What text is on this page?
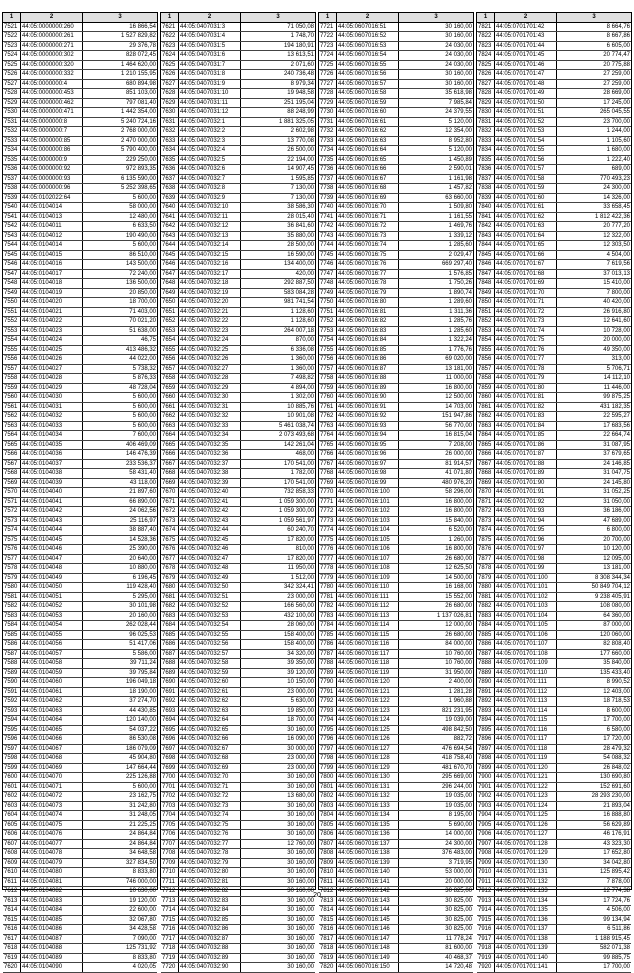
1	2	3
7521 44:05:0000000:260	16 866,54
7522 44:05:0000000:261	1 527 829,82
7523 44:05:0000000:271	29 376,78
7524 44:05:0000000:302	828 072,45
7525 44:05:0000000:320	1 464 620,00
7526 44:05:0000000:332	1 210 155,95
7527 44:05:0000000:4	680 894,98
7528 44:05:0000000:453	851 103,00
7529 44:05:0000000:462	797 081,40
7530 44:05:0000000:471	1 442 354,00
7531 44:05:0000000:8	5 240 724,16
7532 44:05:0000000:7	2 768 000,00
7533 44:05:0000000:85	2 470 000,00
7534 44:05:0000000:86	5 790 400,00
7535 44:05:0000000:9	229 250,00
7536 44:05:0000000:92	972 893,35
7537 44:05:0000000:93	6 135 590,00
7538 44:05:0000000:96	5 252 398,65
7539 44:05:0102022:64	5 600,00
7540 44:05:0104014	58 000,00
7541 44:05:0104013	12 480,00
7542 44:05:0104011	6 633,50
7543 44:05:0104012	190 490,00
7544 44:05:0104014	5 600,00
7545 44:05:0104015	86 510,00
7546 44:05:0104016	143 500,00
7547 44:05:0104017	72 240,00
7548 44:05:0104018	136 500,00
7549 44:05:0104019	20 850,00
7550 44:05:0104020	18 700,00
7551 44:05:0104021	71 403,00
7552 44:05:0104022	70 021,20
7553 44:05:0104023	51 638,00
7554 44:05:0104024	46,75
7555 44:05:0104025	413 486,32
7556 44:05:0104026	44 022,00
7557 44:05:0104027	5 738,32
7558 44:05:0104028	5 876,33
7559 44:05:0104029	48 728,04
7560 44:05:0104030	5 600,00
7561 44:05:0104031	5 600,00
7562 44:05:0104032	5 600,00
7563 44:05:0104033	5 600,00
7564 44:05:0104034	7 600,00
7565 44:05:0104035	406 469,09
7566 44:05:0104036	146 476,39
7567 44:05:0104037	233 536,37
7568 44:05:0104038	58 431,40
7569 44:05:0104039	43 118,00
7570 44:05:0104040	21 897,60
7571 44:05:0104041	66 890,00
7572 44:05:0104042	24 062,56
7573 44:05:0104043	25 116,97
7574 44:05:0104044	38 887,40
7575 44:05:0104045	14 528,36
7576 44:05:0104046	25 390,00
7577 44:05:0104047	20 640,00
7578 44:05:0104048	10 880,00
7579 44:05:0104049	6 196,45
7580 44:05:0104050	119 428,40
7581 44:05:0104051	5 295,00
7582 44:05:0104052	30 101,98
7583 44:05:0104053	20 160,00
7584 44:05:0104054	262 028,44
7585 44:05:0104055	96 025,53
7586 44:05:0104056	51 417,06
7587 44:05:0104057	5 586,00
7588 44:05:0104058	39 711,24
7589 44:05:0104059	39 795,84
7590 44:05:0104060	196 049,18
7591 44:05:0104061	18 190,00
7592 44:05:0104062	37 274,70
7593 44:05:0104063	44 430,85
7594 44:05:0104064	120 140,00
7595 44:05:0104065	54 037,22
7596 44:05:0104066	86 530,08
7597 44:05:0104067	186 079,09
7598 44:05:0104068	45 904,80
7599 44:05:0104069	147 664,44
7600 44:05:0104070	225 126,88
7601 44:05:0104071	5 600,00
7602 44:05:0104072	23 162,75
7603 44:05:0104073	31 242,80
7604 44:05:0104074	31 248,05
7605 44:05:0104075	21 225,25
7606 44:05:0104076	24 864,84
7607 44:05:0104077	24 864,84
7608 44:05:0104078	34 648,58
7609 44:05:0104079	327 834,50
7610 44:05:0104080	8 833,80
7611 44:05:0104081	746 000,00
7612 44:05:0104082	10 630,00
7613 44:05:0104083	19 120,00
7614 44:05:0104084	22 600,00
7615 44:05:0104085	32 067,80
7616 44:05:0104086	34 428,58
7617 44:05:0104087	7 090,00
7618 44:05:0104088	125 731,92
7619 44:05:0104089	8 833,80
7620 44:05:0104090	4 020,05
1	2	3
7621 44:05:0407031:3	71 050,08
7622 44:05:0407031:4	1 748,70
7623 44:05:0407031:5	194 180,91
7624 44:05:0407031:6	13 613,51
7625 44:05:0407031:7	2 071,60
7626 44:05:0407031:8	240 736,48
7627 44:05:0407031:9	8 979,34
7628 44:05:0407031:10	19 948,58
7629 44:05:0407031:11	251 195,04
7630 44:05:0407031:12	88 248,99
7631 44:05:0407032:1	1 881 325,05
7632 44:05:0407032:2	2 602,98
7633 44:05:0407032:3	13 770,08
7634 44:05:0407032:4	26 500,00
7635 44:05:0407032:5	22 194,00
7636 44:05:0407032:6	14 907,45
7637 44:05:0407032:7	1 595,85
7638 44:05:0407032:8	7 130,00
7639 44:05:0407032:9	7 130,00
7640 44:05:0407032:10	38 586,30
7641 44:05:0407032:11	28 015,40
7642 44:05:0407032:12	36 841,60
7643 44:05:0407032:13	35 880,00
7644 44:05:0407032:14	28 500,00
7645 44:05:0407032:15	16 590,00
7646 44:05:0407032:16	134 400,00
7647 44:05:0407032:17	420,00
7648 44:05:0407032:18	292 887,50
7649 44:05:0407032:19	583 084,28
7650 44:05:0407032:20	981 741,54
7651 44:05:0407032:21	1 128,60
7652 44:05:0407032:22	1 128,60
7653 44:05:0407032:23	264 007,18
7654 44:05:0407032:24	870,00
7655 44:05:0407032:25	6 336,08
7656 44:05:0407032:26	1 360,00
7657 44:05:0407032:27	1 360,00
7658 44:05:0407032:28	7 498,82
7659 44:05:0407032:29	4 894,00
7660 44:05:0407032:30	1 302,00
7661 44:05:0407032:31	10 885,76
7662 44:05:0407032:32	10 901,08
7663 44:05:0407032:33	5 461 038,74
7664 44:05:0407032:34	2 073 493,68
7665 44:05:0407032:35	142 261,04
7666 44:05:0407032:36	468,00
7667 44:05:0407032:37	170 541,00
7668 44:05:0407032:38	1 782,00
7669 44:05:0407032:39	170 541,00
7670 44:05:0407032:40	732 858,33
7671 44:05:0407032:41	1 059 300,00
7672 44:05:0407032:42	1 059 300,00
7673 44:05:0407032:43	1 059 561,97
7674 44:05:0407032:44	60 240,70
7675 44:05:0407032:45	17 820,00
7676 44:05:0407032:46	810,00
7677 44:05:0407032:47	17 820,00
7678 44:05:0407032:48	11 950,00
7679 44:05:0407032:49	1 512,00
7680 44:05:0407032:50	342 324,41
7681 44:05:0407032:51	23 000,00
7682 44:05:0407032:52	166 560,00
7683 44:05:0407032:53	432 100,00
7684 44:05:0407032:54	28 060,00
7685 44:05:0407032:55	158 400,00
7686 44:05:0407032:56	158 400,00
7687 44:05:0407032:57	34 320,00
7688 44:05:0407032:58	39 350,00
7689 44:05:0407032:59	39 120,00
7690 44:05:0407032:60	10 150,00
7691 44:05:0407032:61	23 000,00
7692 44:05:0407032:62	5 630,00
7693 44:05:0407032:63	19 850,00
7694 44:05:0407032:64	18 700,00
7695 44:05:0407032:65	30 160,00
7696 44:05:0407032:66	16 090,00
7697 44:05:0407032:67	30 000,00
7698 44:05:0407032:68	23 000,00
7699 44:05:0407032:69	23 000,00
7700 44:05:0407032:70	30 160,00
7701 44:05:0407032:71	30 160,00
7702 44:05:0407032:72	13 680,00
7703 44:05:0407032:73	30 160,00
7704 44:05:0407032:74	30 160,00
7705 44:05:0407032:75	30 160,00
7706 44:05:0407032:76	30 160,00
7707 44:05:0407032:77	12 760,00
7708 44:05:0407032:78	30 160,00
7709 44:05:0407032:79	30 160,00
7710 44:05:0407032:80	30 160,00
7711 44:05:0407032:81	30 160,00
7712 44:05:0407032:82	30 160,00
7713 44:05:0407032:83	30 160,00
7714 44:05:0407032:84	30 160,00
7715 44:05:0407032:85	30 160,00
7716 44:05:0407032:86	30 160,00
7717 44:05:0407032:87	30 160,00
7718 44:05:0407032:88	30 160,00
7719 44:05:0407032:89	30 160,00
7720 44:05:0407032:90	30 160,00
1	2	3
7721 44:05:0607016:51	30 160,00
7722 44:05:0607016:52	30 160,00
7723 44:05:0607016:53	24 030,00
7724 44:05:0607016:54	24 030,00
7725 44:05:0607016:55	24 030,00
7726 44:05:0607016:56	30 160,00
7727 44:05:0607016:57	30 160,00
7728 44:05:0607016:58	35 618,98
7729 44:05:0607016:59	7 985,84
7730 44:05:0607016:60	24 379,55
7731 44:05:0607016:61	5 120,00
7732 44:05:0607016:62	12 354,00
7733 44:05:0607016:63	8 952,80
7734 44:05:0607016:64	5 120,00
7735 44:05:0607016:65	1 450,89
7736 44:05:0607016:66	2 590,01
7737 44:05:0607016:67	1 161,98
7738 44:05:0607016:68	1 457,82
7739 44:05:0607016:69	63 660,00
7740 44:05:0607016:70	1 509,80
7741 44:05:0607016:71	1 161,55
7742 44:05:0607016:72	1 469,76
7743 44:05:0607016:73	1 339,12
7744 44:05:0607016:74	1 285,60
7745 44:05:0607016:75	2 029,47
7746 44:05:0607016:76	669 297,40
7747 44:05:0607016:77	1 576,85
7748 44:05:0607016:78	1 750,26
7749 44:05:0607016:79	1 890,74
7750 44:05:0607016:80	1 289,60
7751 44:05:0607016:81	1 311,36
7752 44:05:0607016:82	1 285,76
7753 44:05:0607016:83	1 285,60
7754 44:05:0607016:84	1 322,24
7755 44:05:0607016:85	1 776,76
7756 44:05:0607016:86	69 020,00
7757 44:05:0607016:87	13 181,00
7758 44:05:0607016:88	11 000,00
7759 44:05:0607016:89	16 800,00
7760 44:05:0607016:90	12 500,00
7761 44:05:0607016:91	14 703,00
7762 44:05:0607016:92	151 947,86
7763 44:05:0607016:93	56 770,00
7764 44:05:0607016:94	16 815,04
7765 44:05:0607016:95	7 208,00
7766 44:05:0607016:96	26 000,00
7767 44:05:0607016:97	81 914,57
7768 44:05:0607016:98	41 071,80
7769 44:05:0607016:99	480 976,20
7770 44:05:0607016:100	58 296,00
7771 44:05:0607016:101	16 800,00
7772 44:05:0607016:102	16 800,00
7773 44:05:0607016:103	15 840,00
7774 44:05:0607016:104	6 520,00
7775 44:05:0607016:105	1 260,00
7776 44:05:0607016:106	16 800,00
7777 44:05:0607016:107	26 680,00
7778 44:05:0607016:108	12 625,50
7779 44:05:0607016:109	14 500,00
7780 44:05:0607016:110	16 168,00
7781 44:05:0607016:111	15 552,00
7782 44:05:0607016:112	26 680,00
7783 44:05:0607016:113	1 137 026,81
7784 44:05:0607016:114	12 000,00
7785 44:05:0607016:115	26 680,00
7786 44:05:0607016:116	84 000,00
7787 44:05:0607016:117	10 760,00
7788 44:05:0607016:118	10 760,00
7789 44:05:0607016:119	31 950,00
7790 44:05:0607016:120	2 400,00
7791 44:05:0607016:121	1 281,28
7792 44:05:0607016:122	1 960,88
7793 44:05:0607016:123	821 231,95
7794 44:05:0607016:124	19 039,00
7795 44:05:0607016:125	498 842,50
7796 44:05:0607016:126	882,72
7797 44:05:0607016:127	476 694,54
7798 44:05:0607016:128	418 758,40
7799 44:05:0607016:129	481 670,70
7800 44:05:0607016:130	295 669,00
7801 44:05:0607016:131	296 244,00
7802 44:05:0607016:132	19 035,00
7803 44:05:0607016:133	19 035,00
7804 44:05:0607016:134	8 195,00
7805 44:05:0607016:135	5 690,00
7806 44:05:0607016:136	14 000,00
7807 44:05:0607016:137	24 300,00
7808 44:05:0607016:138	376 483,00
7809 44:05:0607016:139	3 719,95
7810 44:05:0607016:140	53 000,00
7811 44:05:0607016:141	20 000,00
7812 44:05:0607016:142	30 825,00
7813 44:05:0607016:143	30 825,00
7814 44:05:0607016:144	30 825,00
7815 44:05:0607016:145	30 825,00
7816 44:05:0607016:146	30 825,00
7817 44:05:0607016:147	11 778,24
7818 44:05:0607016:148	81 600,00
7819 44:05:0607016:149	40 468,37
7820 44:05:0607016:150	14 720,48
1	2	3
7821 44:05:0701701:42	8 664,76
7822 44:05:0701701:43	8 667,86
7823 44:05:0701701:44	6 605,00
7824 44:05:0701701:45	20 774,47
7825 44:05:0701701:46	20 775,88
7826 44:05:0701701:47	27 259,00
7827 44:05:0701701:48	27 259,00
7828 44:05:0701701:49	28 669,00
7829 44:05:0701701:50	17 245,00
7830 44:05:0701701:51	265 045,55
7831 44:05:0701701:52	23 700,00
7832 44:05:0701701:53	1 244,00
7833 44:05:0701701:54	1 105,60
7834 44:05:0701701:55	1 680,00
7835 44:05:0701701:56	1 222,40
7836 44:05:0701701:57	689,00
7837 44:05:0701701:58	770 493,23
7838 44:05:0701701:59	24 300,00
7839 44:05:0701701:60	14 326,00
7840 44:05:0701701:61	33 658,45
7841 44:05:0701701:62	1 812 422,36
7842 44:05:0701701:63	20 777,20
7843 44:05:0701701:64	12 322,00
7844 44:05:0701701:65	12 303,50
7845 44:05:0701701:66	4 504,00
7846 44:05:0701701:67	7 619,56
7847 44:05:0701701:68	37 013,13
7848 44:05:0701701:69	15 410,00
7849 44:05:0701701:70	7 800,00
7850 44:05:0701701:71	40 420,00
7851 44:05:0701701:72	26 916,80
7852 44:05:0701701:73	12 641,60
7853 44:05:0701701:74	10 728,00
7854 44:05:0701701:75	20 000,00
7855 44:05:0701701:76	49 350,00
7856 44:05:0701701:77	313,00
7857 44:05:0701701:78	5 706,71
7858 44:05:0701701:79	14 112,10
7859 44:05:0701701:80	11 446,00
7860 44:05:0701701:81	99 875,25
7861 44:05:0701701:82	431 182,35
7862 44:05:0701701:83	22 595,27
7863 44:05:0701701:84	17 683,56
7864 44:05:0701701:85	22 664,74
7865 44:05:0701701:86	31 087,95
7866 44:05:0701701:87	37 679,65
7867 44:05:0701701:88	24 146,85
7868 44:05:0701701:89	31 047,75
7869 44:05:0701701:90	24 145,80
7870 44:05:0701701:91	31 052,25
7871 44:05:0701701:92	31 050,00
7872 44:05:0701701:93	36 186,00
7873 44:05:0701701:94	47 689,00
7874 44:05:0701701:95	6 800,00
7875 44:05:0701701:96	20 700,00
7876 44:05:0701701:97	10 120,00
7877 44:05:0701701:98	12 095,00
7878 44:05:0701701:99	13 181,00
7879 44:05:0701701:100	8 308 344,34
7880 44:05:0701701:101	50 849 704,12
7881 44:05:0701701:102	9 238 405,91
7882 44:05:0701701:103	108 080,00
7883 44:05:0701701:104	64 360,00
7884 44:05:0701701:105	87 000,00
7885 44:05:0701701:106	120 060,00
7886 44:05:0701701:107	82 808,40
7887 44:05:0701701:108	177 660,00
7888 44:05:0701701:109	35 840,00
7889 44:05:0701701:110	135 433,40
7890 44:05:0701701:111	8 990,52
7891 44:05:0701701:112	12 403,00
7892 44:05:0701701:113	18 718,53
7893 44:05:0701701:114	8 600,00
7894 44:05:0701701:115	17 700,00
7895 44:05:0701701:116	6 580,00
7896 44:05:0701701:117	17 720,00
7897 44:05:0701701:118	28 479,32
7898 44:05:0701701:119	54 088,32
7899 44:05:0701701:120	26 848,02
7900 44:05:0701701:121	130 690,80
7901 44:05:0701701:122	152 691,60
7902 44:05:0701701:123	28 293 230,00
7903 44:05:0701701:124	21 893,04
7904 44:05:0701701:125	16 888,80
7905 44:05:0701701:126	56 629,89
7906 44:05:0701701:127	46 176,91
7907 44:05:0701701:128	43 323,30
7908 44:05:0701701:129	17 652,80
7909 44:05:0701701:130	34 042,80
7910 44:05:0701701:131	125 895,42
7911 44:05:0701701:132	7 878,00
7912 44:05:0701701:133	12 774,38
7913 44:05:0701701:134	17 724,76
7914 44:05:0701701:135	4 506,00
7915 44:05:0701701:136	99 134,94
7916 44:05:0701701:137	6 511,86
7917 44:05:0701701:138	1 188 915,45
7918 44:05:0701701:139	582 071,38
7919 44:05:0701701:140	99 885,75
7920 44:05:0701701:141	17 700,00
20
